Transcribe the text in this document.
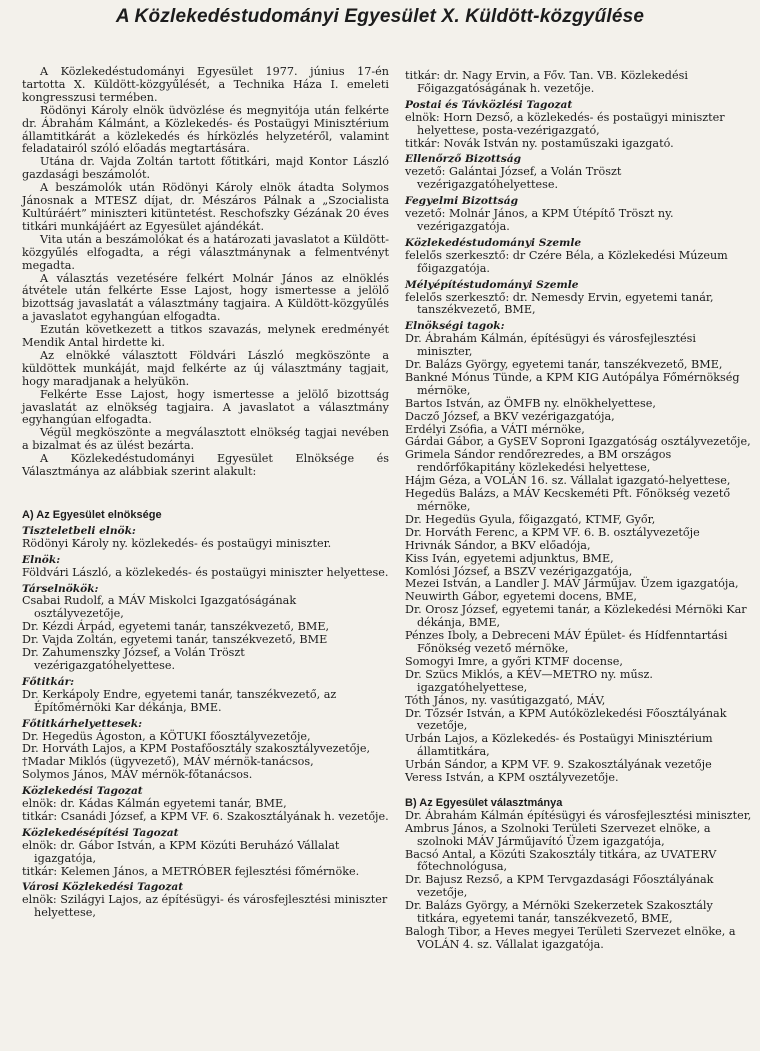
A Közlekedéstudományi Egyesület X. Küldött-közgyűlése

A Közlekedéstudományi Egyesület 1977. június 17-én tartotta X. Küldött-közgyűlését, a Technika Háza I. emeleti kongresszusi termében.

Rödönyi Károly elnök üdvözlése és megnyitója után felkérte dr. Ábrahám Kálmánt, a Közlekedés- és Postaügyi Minisztérium államtitkárát a közlekedés és hírközlés helyzetéről, valamint feladatairól szóló előadás megtartására.

Utána dr. Vajda Zoltán tartott főtitkári, majd Kontor László gazdasági beszámolót.

A beszámolók után Rödönyi Károly elnök átadta Solymos Jánosnak a MTESZ díjat, dr. Mészáros Pálnak a „Szocialista Kultúráért” miniszteri kitüntetést. Reschofszky Gézának 20 éves titkári munkájáért az Egyesület ajándékát.

Vita után a beszámolókat és a határozati javaslatot a Küldött-közgyűlés elfogadta, a régi választmánynak a felmentvényt megadta.

A választás vezetésére felkért Molnár János az elnöklés átvétele után felkérte Esse Lajost, hogy ismertesse a jelölő bizottság javaslatát a választmány tagjaira. A Küldött-közgyűlés a javaslatot egyhangúan elfogadta.

Ezután következett a titkos szavazás, melynek eredményét Mendik Antal hirdette ki.

Az elnökké választott Földvári László megköszönte a küldöttek munkáját, majd felkérte az új választmány tagjait, hogy maradjanak a helyükön.

Felkérte Esse Lajost, hogy ismertesse a jelölő bizottság javaslatát az elnökség tagjaira. A javaslatot a választmány egyhangúan elfogadta.

Végül megköszönte a megválasztott elnökség tagjai nevében a bizalmat és az ülést bezárta.

A Közlekedéstudományi Egyesület Elnöksége és Választmánya az alábbiak szerint alakult:

A) Az Egyesület elnöksége
Tiszteletbeli elnök:
Rödönyi Károly ny. közlekedés- és postaügyi miniszter.
Elnök:
Földvári László, a közlekedés- és postaügyi miniszter helyettese.
Társelnökök:
Csabai Rudolf, a MÁV Miskolci Igazgatóságának osztályvezetője,
Dr. Kézdi Árpád, egyetemi tanár, tanszékvezető, BME,
Dr. Vajda Zoltán, egyetemi tanár, tanszékvezető, BME
Dr. Zahumenszky József, a Volán Tröszt vezérigazgatóhelyettese.
Főtitkár:
Dr. Kerkápoly Endre, egyetemi tanár, tanszékvezető, az Építőmérnöki Kar dékánja, BME.
Főtitkárhelyettesek:
Dr. Hegedüs Ágoston, a KÖTUKI főosztályvezetője,
Dr. Horváth Lajos, a KPM Postafőosztály szakosztályvezetője,
†Madar Miklós (ügyvezető), MÁV mérnök-tanácsos,
Solymos János, MÁV mérnök-főtanácsos.
Közlekedési Tagozat
elnök: dr. Kádas Kálmán egyetemi tanár, BME,
titkár: Csanádi József, a KPM VF. 6. Szakosztályának h. vezetője.
Közlekedésépítési Tagozat
elnök: dr. Gábor István, a KPM Közúti Beruházó Vállalat igazgatója,
titkár: Kelemen János, a METRÓBER fejlesztési főmérnöke.
Városi Közlekedési Tagozat
elnök: Szilágyi Lajos, az építésügyi- és városfejlesztési miniszter helyettese,
titkár: dr. Nagy Ervin, a Főv. Tan. VB. Közlekedési Főigazgatóságának h. vezetője.
Postai és Távközlési Tagozat
elnök: Horn Dezső, a közlekedés- és postaügyi miniszter helyettese, posta-vezérigazgató,
titkár: Novák István ny. postaműszaki igazgató.
Ellenőrző Bizottság
vezető: Galántai József, a Volán Tröszt vezérigazgatóhelyettese.
Fegyelmi Bizottság
vezető: Molnár János, a KPM Útépítő Tröszt ny. vezérigazgatója.
Közlekedéstudományi Szemle
felelős szerkesztő: dr Czére Béla, a Közlekedési Múzeum főigazgatója.
Mélyépítéstudományi Szemle
felelős szerkesztő: dr. Nemesdy Ervin, egyetemi tanár, tanszékvezető, BME,
Elnökségi tagok:
Dr. Ábrahám Kálmán, építésügyi és városfejlesztési miniszter,
Dr. Balázs György, egyetemi tanár, tanszékvezető, BME,
Bankné Mónus Tünde, a KPM KIG Autópálya Főmérnökség mérnöke,
Bartos István, az ÖMFB ny. elnökhelyettese,
Dacző József, a BKV vezérigazgatója,
Erdélyi Zsófia, a VÁTI mérnöke,
Gárdai Gábor, a GySEV Soproni Igazgatóság osztályvezetője,
Grimela Sándor rendőrezredes, a BM országos rendőrfőkapitány közlekedési helyettese,
Hájm Géza, a VOLÁN 16. sz. Vállalat igazgató-helyettese,
Hegedüs Balázs, a MÁV Kecskeméti Pft. Főnökség vezető mérnöke,
Dr. Hegedüs Gyula, főigazgató, KTMF, Győr,
Dr. Horváth Ferenc, a KPM VF. 6. B. osztályvezetője
Hrivnák Sándor, a BKV előadója,
Kiss Iván, egyetemi adjunktus, BME,
Komlósi József, a BSZV vezérigazgatója,
Mezei István, a Landler J. MÁV Járműjav. Üzem igazgatója,
Neuwirth Gábor, egyetemi docens, BME,
Dr. Orosz József, egyetemi tanár, a Közlekedési Mérnöki Kar dékánja, BME,
Pénzes Iboly, a Debreceni MÁV Épület- és Hídfenntartási Főnökség vezető mérnöke,
Somogyi Imre, a győri KTMF docense,
Dr. Szücs Miklós, a KÉV—METRO ny. műsz. igazgatóhelyettese,
Tóth János, ny. vasútigazgató, MÁV,
Dr. Tőzsér István, a KPM Autóközlekedési Főosztályának vezetője,
Urbán Lajos, a Közlekedés- és Postaügyi Minisztérium államtitkára,
Urbán Sándor, a KPM VF. 9. Szakosztályának vezetője
Veress István, a KPM osztályvezetője.
B) Az Egyesület választmánya
Dr. Ábrahám Kálmán építésügyi és városfejlesztési miniszter,
Ambrus János, a Szolnoki Területi Szervezet elnöke, a szolnoki MÁV Járműjavító Üzem igazgatója,
Bacsó Antal, a Közúti Szakosztály titkára, az UVATERV főtechnológusa,
Dr. Bajusz Rezső, a KPM Tervgazdasági Főosztályának vezetője,
Dr. Balázs György, a Mérnöki Szekerzetek Szakosztály titkára, egyetemi tanár, tanszékvezető, BME,
Balogh Tibor, a Heves megyei Területi Szervezet elnöke, a VOLÁN 4. sz. Vállalat igazgatója.
